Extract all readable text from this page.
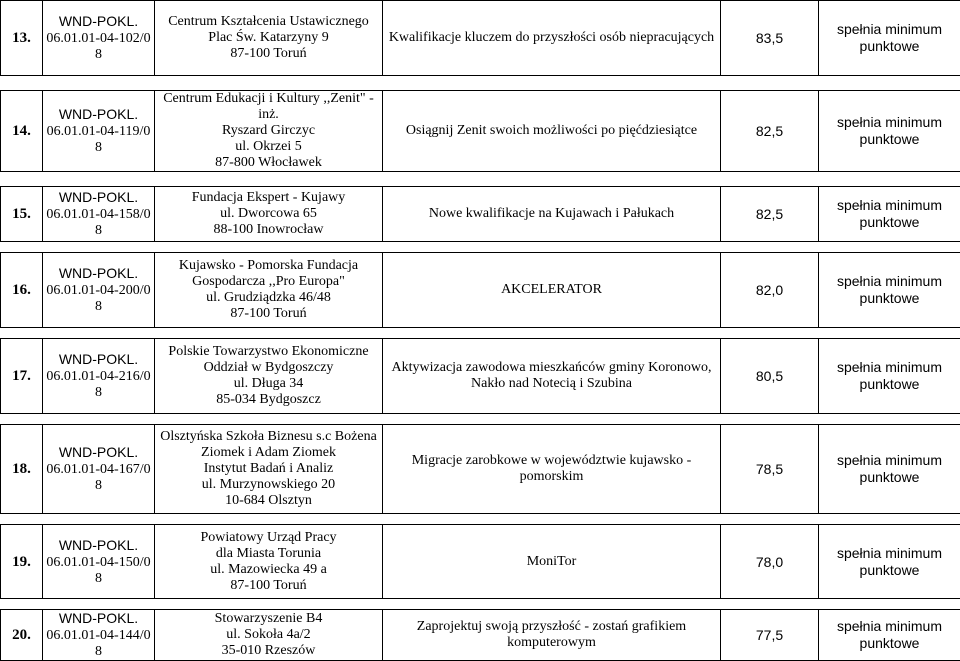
13.	WND-POKL.
06.01.01-04-102/0
8	Centrum Kształcenia Ustawicznego
Plac Św. Katarzyny 9
87-100 Toruń	Kwalifikacje kluczem do przyszłości osób niepracujących	83,5	spełnia minimum punktowe

14.	WND-POKL.
06.01.01-04-119/0
8	Centrum Edukacji i Kultury ,,Zenit" - inż.
Ryszard Girczyc
ul. Okrzei 5
87-800 Włocławek	Osiągnij Zenit swoich możliwości po pięćdziesiątce	82,5	spełnia minimum punktowe

15.	WND-POKL.
06.01.01-04-158/0
8	Fundacja Ekspert - Kujawy
ul. Dworcowa 65
88-100 Inowrocław	Nowe kwalifikacje na Kujawach i Pałukach	82,5	spełnia minimum punktowe

16.	WND-POKL.
06.01.01-04-200/0
8	Kujawsko - Pomorska Fundacja
Gospodarcza ,,Pro Europa"
ul. Grudziądzka 46/48
87-100 Toruń	AKCELERATOR	82,0	spełnia minimum punktowe

17.	WND-POKL.
06.01.01-04-216/0
8	Polskie Towarzystwo Ekonomiczne
Oddział w Bydgoszczy
ul. Długa 34
85-034 Bydgoszcz	Aktywizacja zawodowa mieszkańców gminy Koronowo, Nakło nad Notecią i Szubina	80,5	spełnia minimum punktowe

18.	WND-POKL.
06.01.01-04-167/0
8	Olsztyńska Szkoła Biznesu s.c Bożena
Ziomek i Adam Ziomek
Instytut Badań i Analiz
ul. Murzynowskiego 20
10-684 Olsztyn	Migracje zarobkowe w województwie kujawsko - pomorskim	78,5	spełnia minimum punktowe

19.	WND-POKL.
06.01.01-04-150/0
8	Powiatowy Urząd Pracy
dla Miasta Torunia
ul. Mazowiecka 49 a
87-100 Toruń	MoniTor	78,0	spełnia minimum punktowe

20.	WND-POKL.
06.01.01-04-144/0
8	Stowarzyszenie B4
ul. Sokoła 4a/2
35-010 Rzeszów	Zaprojektuj swoją przyszłość - zostań grafikiem komputerowym	77,5	spełnia minimum punktowe
